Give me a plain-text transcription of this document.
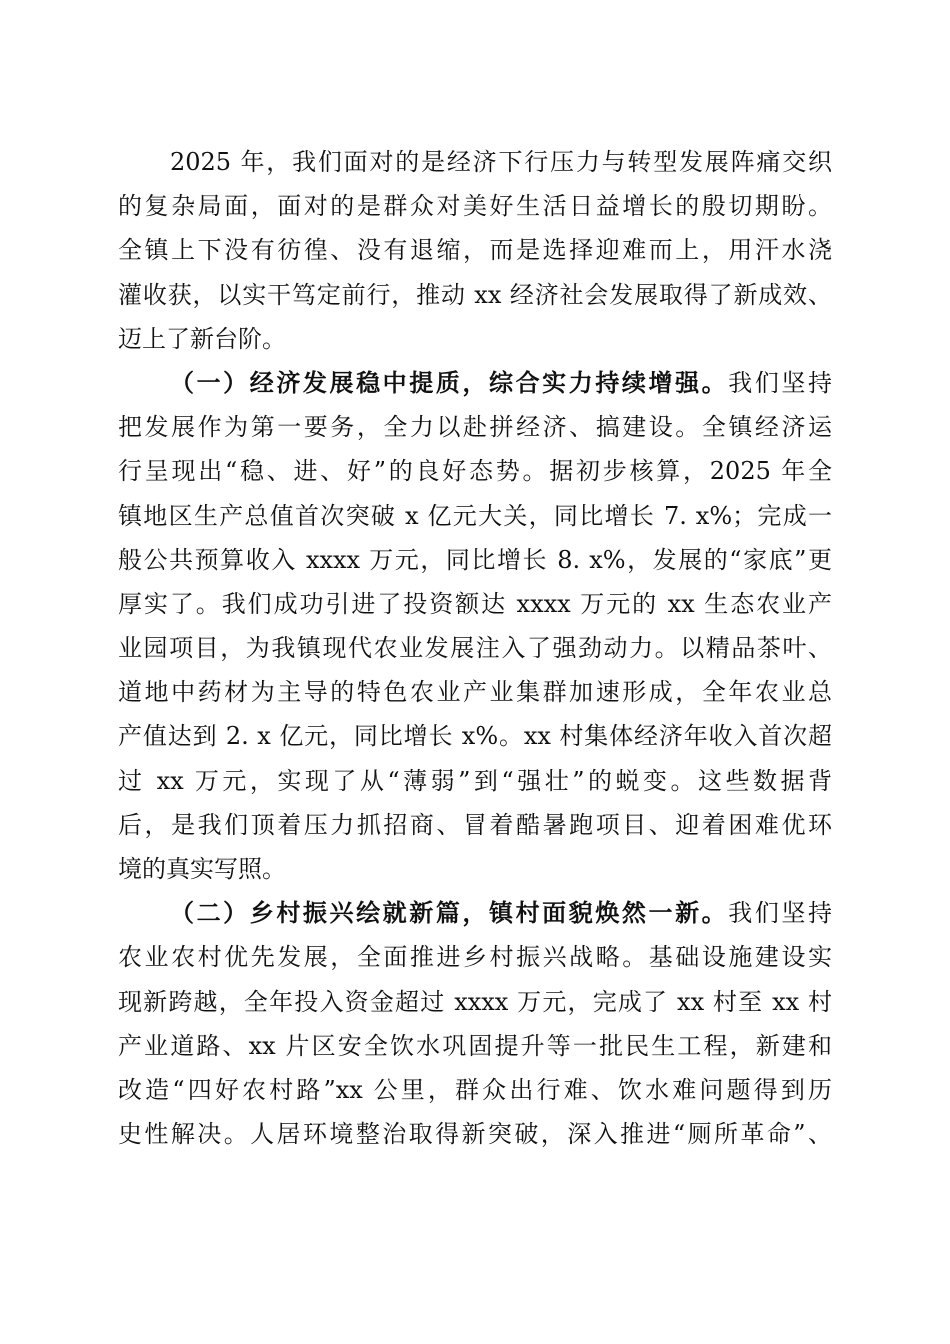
2025 年，我们面对的是经济下行压力与转型发展阵痛交织
的复杂局面，面对的是群众对美好生活日益增长的殷切期盼。
全镇上下没有彷徨、没有退缩，而是选择迎难而上，用汗水浇
灌收获，以实干笃定前行，推动 xx 经济社会发展取得了新成效、
迈上了新台阶。
（一）经济发展稳中提质，综合实力持续增强。我们坚持
把发展作为第一要务，全力以赴拼经济、搞建设。全镇经济运
行呈现出“稳、进、好”的良好态势。据初步核算，2025 年全
镇地区生产总值首次突破 x 亿元大关，同比增长 7. x%；完成一
般公共预算收入 xxxx 万元，同比增长 8. x%，发展的“家底”更
厚实了。我们成功引进了投资额达 xxxx 万元的 xx 生态农业产
业园项目，为我镇现代农业发展注入了强劲动力。以精品茶叶、
道地中药材为主导的特色农业产业集群加速形成，全年农业总
产值达到 2. x 亿元，同比增长 x%。xx 村集体经济年收入首次超
过 xx 万元，实现了从“薄弱”到“强壮”的蜕变。这些数据背
后，是我们顶着压力抓招商、冒着酷暑跑项目、迎着困难优环
境的真实写照。
（二）乡村振兴绘就新篇，镇村面貌焕然一新。我们坚持
农业农村优先发展，全面推进乡村振兴战略。基础设施建设实
现新跨越，全年投入资金超过 xxxx 万元，完成了 xx 村至 xx 村
产业道路、xx 片区安全饮水巩固提升等一批民生工程，新建和
改造“四好农村路”xx 公里，群众出行难、饮水难问题得到历
史性解决。人居环境整治取得新突破，深入推进“厕所革命”、
